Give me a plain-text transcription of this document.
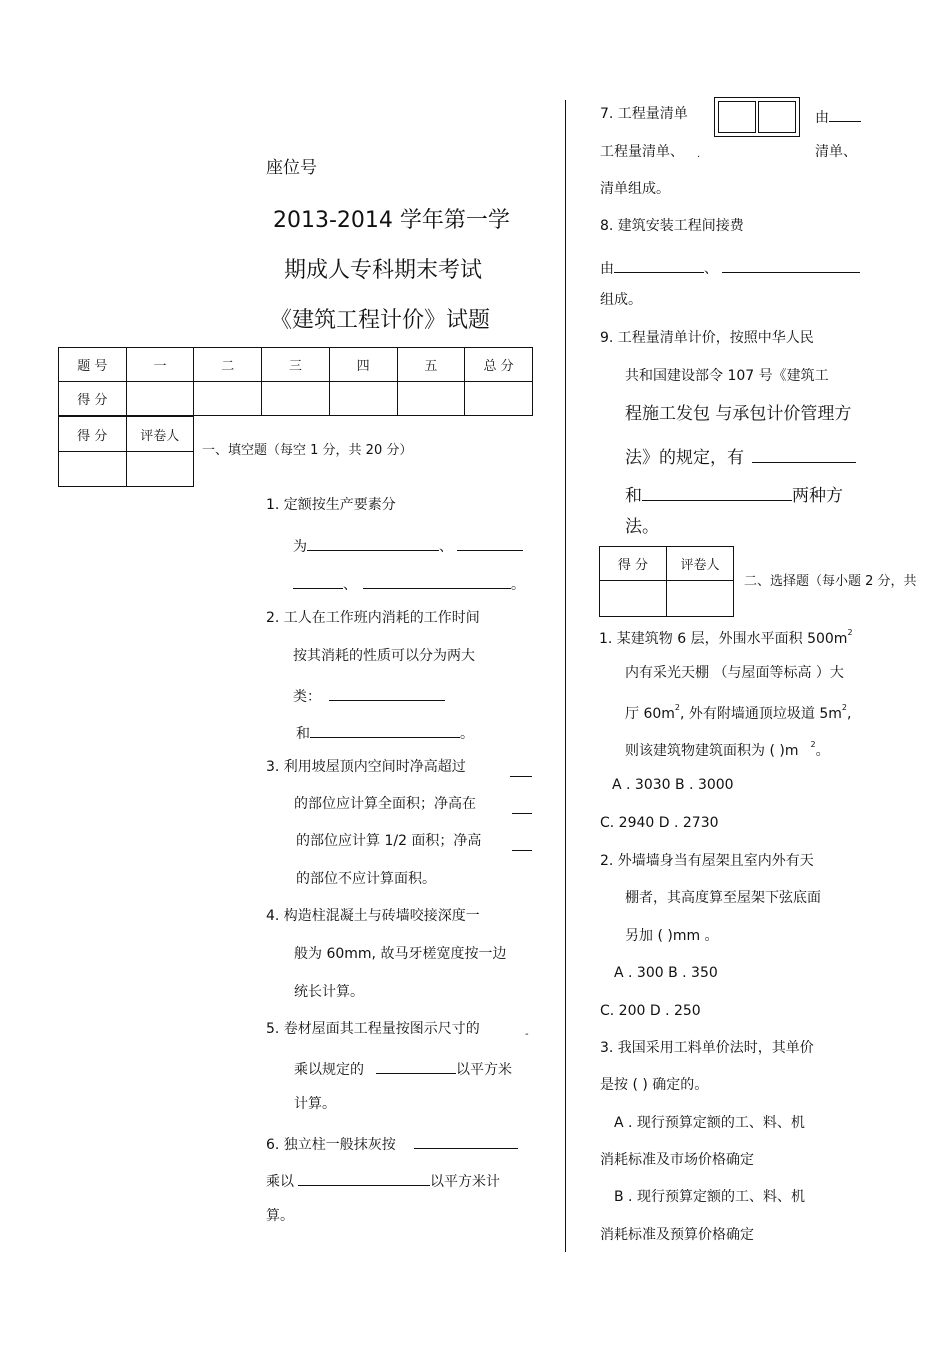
座位号
2013-2014 学年第一学
期成人专科期末考试
《建筑工程计价》试题
题 号	一	二	三	四	五	总 分
得 分						
得 分	评卷人

一、填空题（每空 1 分，共 20 分）
1. 定额按生产要素分
为	、
、	。
2. 工人在工作班内消耗的工作时间
按其消耗的性质可以分为两大
类：
和	。
3. 利用坡屋顶内空间时净高超过
的部位应计算全面积；净高在
的部位应计算 1/2 面积；净高
的部位不应计算面积。
4. 构造柱混凝土与砖墙咬接深度一
般为 60mm, 故马牙槎宽度按一边
统长计算。
5. 卷材屋面其工程量按图示尺寸的	-
乘以规定的	以平方米
计算。
6. 独立柱一般抹灰按
乘以	以平方米计
算。
7. 工程量清单	由
工程量清单、 .	清单、
清单组成。
8. 建筑安装工程间接费
由	、
组成。
9. 工程量清单计价，按照中华人民
共和国建设部令 107 号《建筑工
程施工发包 与承包计价管理方
法》的规定，有
和	两种方
法。
得 分	评卷人

二、选择题（每小题 2 分，共
1. 某建筑物 6 层，外围水平面积 $500m^2$
内有采光天棚 （与屋面等标高 ）大
厅 $60m^2$, 外有附墙通顶垃圾道 $5m^2$,
则该建筑物建筑面积为 ( )m $^2$。
A . 3030 B . 3000
C. 2940 D . 2730
2. 外墙墙身当有屋架且室内外有天
棚者，其高度算至屋架下弦底面
另加 ( )mm 。
A . 300 B . 350
C. 200 D . 250
3. 我国采用工料单价法时，其单价
是按 ( ) 确定的。
A . 现行预算定额的工、料、机
消耗标准及市场价格确定
B . 现行预算定额的工、料、机
消耗标准及预算价格确定
